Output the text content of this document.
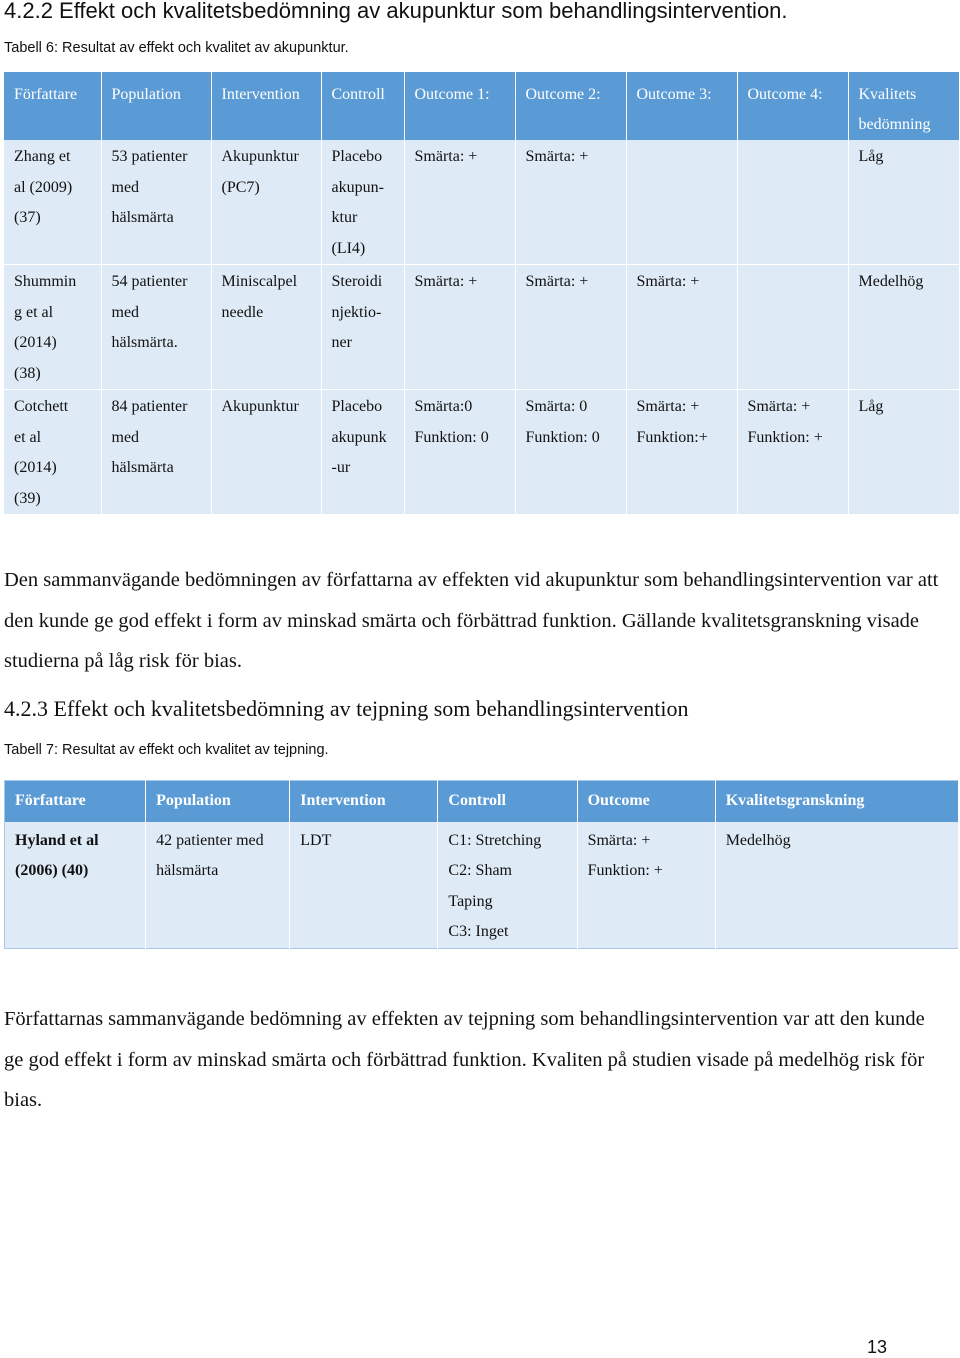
4.2.2 Effekt och kvalitetsbedömning av akupunktur som behandlingsintervention.
Tabell 6: Resultat av effekt och kvalitet av akupunktur.
Författare	Population	Intervention	Controll	Outcome 1:	Outcome 2:	Outcome 3:	Outcome 4:	Kvalitets
bedömning
Zhang et
al (2009)
(37)	53 patienter
med
hälsmärta	Akupunktur
(PC7)	Placebo
akupun-
ktur
(LI4)	Smärta: +	Smärta: +			Låg
Shummin
g et al
(2014)
(38)	54 patienter
med
hälsmärta.	Miniscalpel
needle	Steroidi
njektio-
ner	Smärta: +	Smärta: +	Smärta: +		Medelhög
Cotchett
et al
(2014)
(39)	84 patienter
med
hälsmärta	Akupunktur	Placebo
akupunk
-ur	Smärta:0
Funktion: 0	Smärta: 0
Funktion: 0	Smärta: +
Funktion:+	Smärta: +
Funktion: +	Låg

Den sammanvägande bedömningen av författarna av effekten vid akupunktur som behandlingsintervention var att den kunde ge god effekt i form av minskad smärta och förbättrad funktion. Gällande kvalitetsgranskning visade studierna på låg risk för bias.

4.2.3 Effekt och kvalitetsbedömning av tejpning som behandlingsintervention
Tabell 7: Resultat av effekt och kvalitet av tejpning.
Författare	Population	Intervention	Controll	Outcome	Kvalitetsgranskning
Hyland et al
(2006) (40)	42 patienter med
hälsmärta	LDT	C1: Stretching
C2: Sham
Taping
C3: Inget	Smärta: +
Funktion: +	Medelhög

Författarnas sammanvägande bedömning av effekten av tejpning som behandlingsintervention var att den kunde ge god effekt i form av minskad smärta och förbättrad funktion. Kvaliten på studien visade på medelhög risk för bias.

13
